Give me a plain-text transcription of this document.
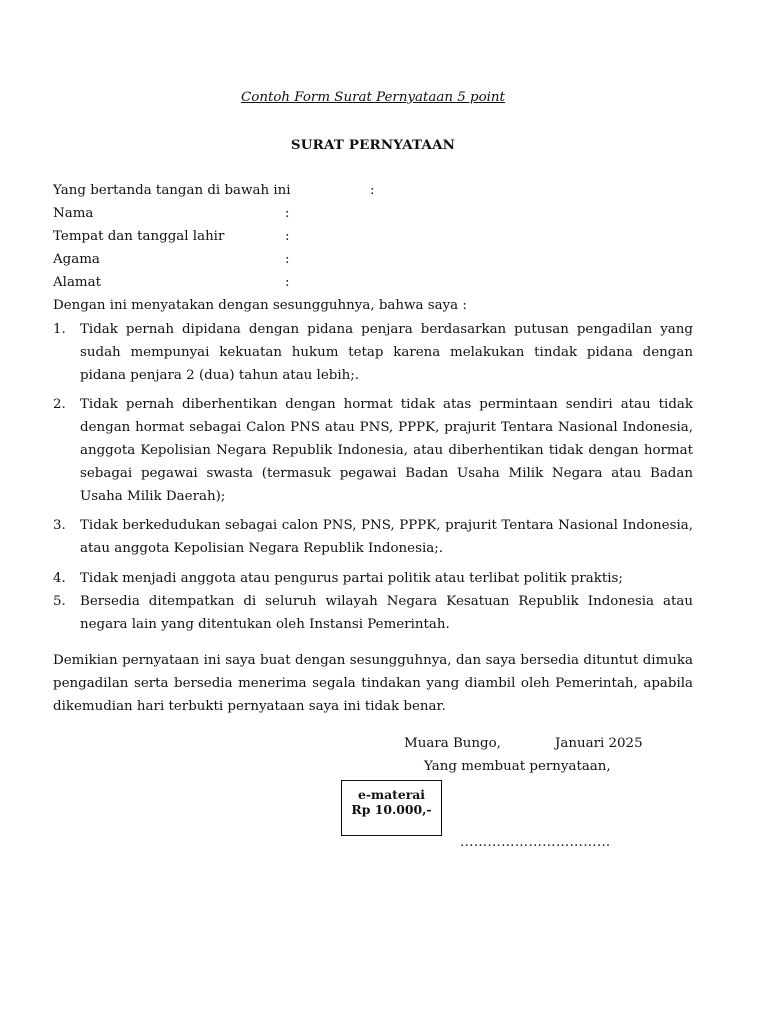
Contoh Form Surat Pernyataan 5 point
SURAT PERNYATAAN
Yang bertanda tangan di bawah ini	:
Nama	:
Tempat dan tanggal lahir	:
Agama	:
Alamat	:
Dengan ini menyatakan dengan sesungguhnya, bahwa saya :
1. Tidak pernah dipidana dengan pidana penjara berdasarkan putusan pengadilan yang sudah mempunyai kekuatan hukum tetap karena melakukan tindak pidana dengan pidana penjara 2 (dua) tahun atau lebih;.
2. Tidak pernah diberhentikan dengan hormat tidak atas permintaan sendiri atau tidak dengan hormat sebagai Calon PNS atau PNS, PPPK, prajurit Tentara Nasional Indonesia, anggota Kepolisian Negara Republik Indonesia, atau diberhentikan tidak dengan hormat sebagai pegawai swasta (termasuk pegawai Badan Usaha Milik Negara atau Badan Usaha Milik Daerah);
3. Tidak berkedudukan sebagai calon PNS, PNS, PPPK, prajurit Tentara Nasional Indonesia, atau anggota Kepolisian Negara Republik Indonesia;.
4. Tidak menjadi anggota atau pengurus partai politik atau terlibat politik praktis;
5. Bersedia ditempatkan di seluruh wilayah Negara Kesatuan Republik Indonesia atau negara lain yang ditentukan oleh Instansi Pemerintah.
Demikian pernyataan ini saya buat dengan sesungguhnya, dan saya bersedia dituntut dimuka pengadilan serta bersedia menerima segala tindakan yang diambil oleh Pemerintah, apabila dikemudian hari terbukti pernyataan saya ini tidak benar.
Muara Bungo,	Januari 2025
Yang membuat pernyataan,
e-materai
Rp 10.000,-
……………………………
